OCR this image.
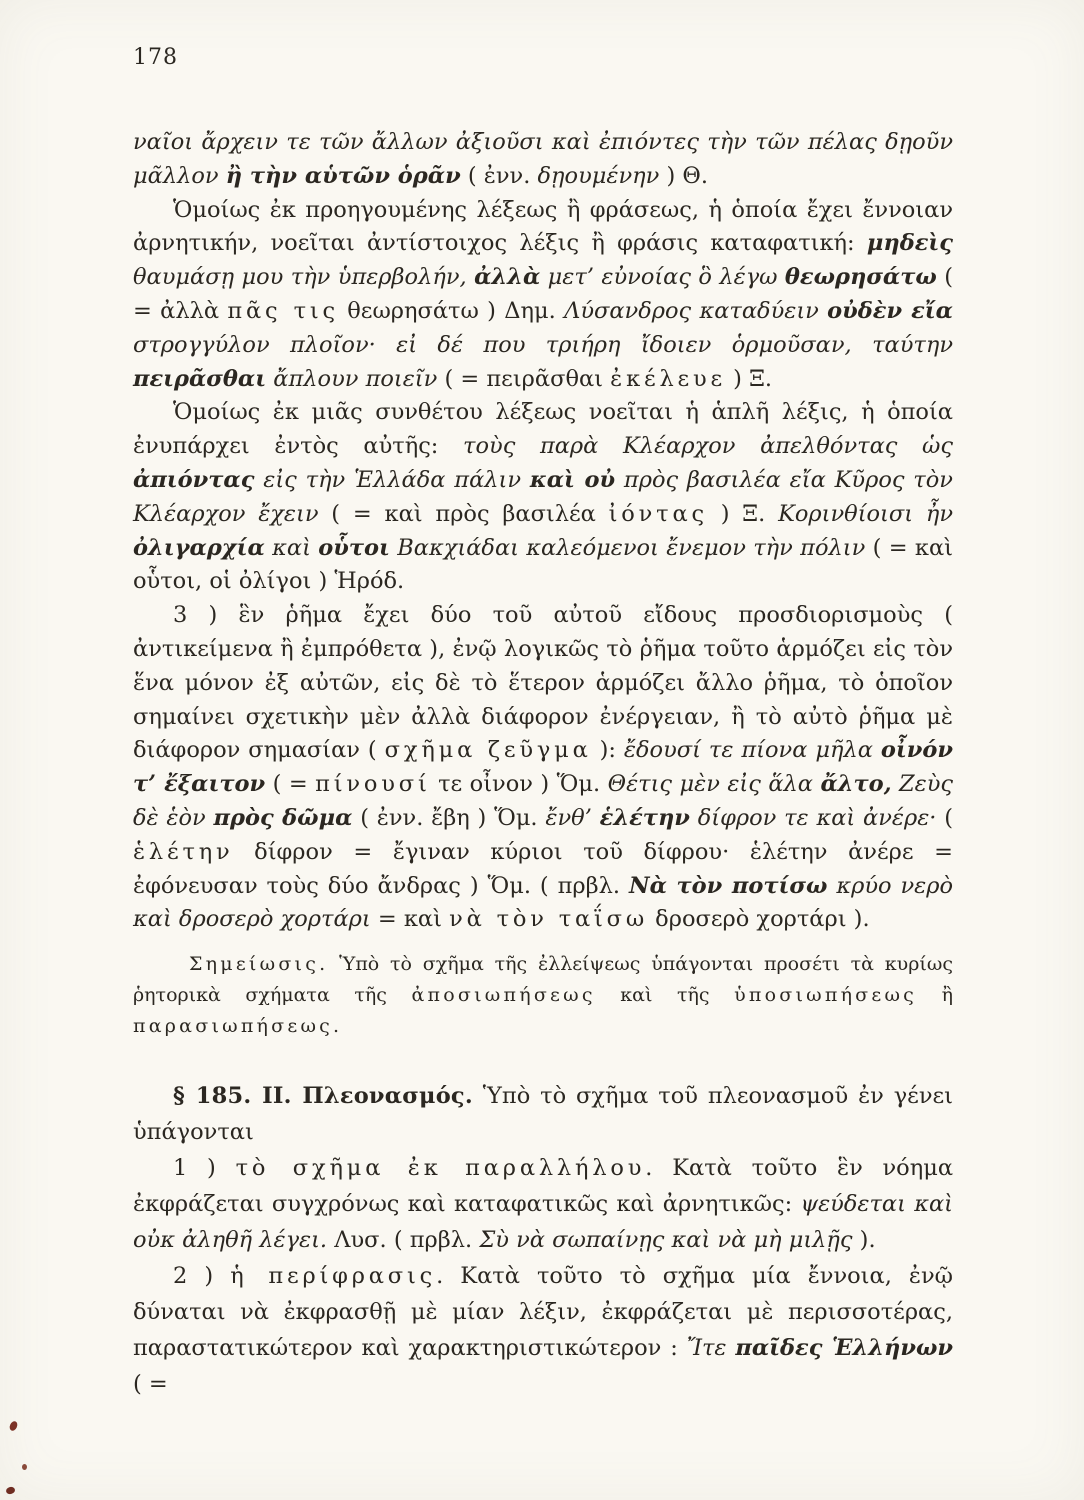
178

ναῖοι ἄρχειν τε τῶν ἄλλων ἀξιοῦσι καὶ ἐπιόντες τὴν τῶν πέλας δῃοῦν μᾶλλον ἢ τὴν αὑτῶν ὁρᾶν ( ἐνν. δῃουμένην ) Θ.

Ὁμοίως ἐκ προηγουμένης λέξεως ἢ φράσεως, ἡ ὁποία ἔχει ἔννοιαν ἀρνητικήν, νοεῖται ἀντίστοιχος λέξις ἢ φράσις καταφατική: μηδεὶς θαυμάσῃ μου τὴν ὑπερβολήν, ἀλλὰ μετ’ εὐνοίας ὃ λέγω θεωρησάτω ( = ἀλλὰ πᾶς τις θεωρησάτω ) Δημ. Λύσανδρος καταδύειν οὐδὲν εἴα στρογγύλον πλοῖον· εἰ δέ που τριήρη ἴδοιεν ὁρμοῦσαν, ταύτην πειρᾶσθαι ἄπλουν ποιεῖν ( = πειρᾶσθαι ἐκέλευε ) Ξ.

Ὁμοίως ἐκ μιᾶς συνθέτου λέξεως νοεῖται ἡ ἁπλῆ λέξις, ἡ ὁποία ἐνυπάρχει ἐντὸς αὐτῆς: τοὺς παρὰ Κλέαρχον ἀπελθόντας ὡς ἀπιόντας εἰς τὴν Ἑλλάδα πάλιν καὶ οὐ πρὸς βασιλέα εἴα Κῦρος τὸν Κλέαρχον ἔχειν ( = καὶ πρὸς βασιλέα ἰόντας ) Ξ. Κορινθίοισι ἦν ὀλιγαρχία καὶ οὗτοι Βακχιάδαι καλεόμενοι ἔνεμον τὴν πόλιν ( = καὶ οὗτοι, οἱ ὀλίγοι ) Ἡρόδ.

3 ) ἓν ῥῆμα ἔχει δύο τοῦ αὐτοῦ εἴδους προσδιορισμοὺς ( ἀντικείμενα ἢ ἐμπρόθετα ), ἐνῷ λογικῶς τὸ ῥῆμα τοῦτο ἁρμόζει εἰς τὸν ἕνα μόνον ἐξ αὐτῶν, εἰς δὲ τὸ ἕτερον ἁρμόζει ἄλλο ῥῆμα, τὸ ὁποῖον σημαίνει σχετικὴν μὲν ἀλλὰ διάφορον ἐνέργειαν, ἢ τὸ αὐτὸ ῥῆμα μὲ διάφορον σημασίαν ( σχῆμα ζεῦγμα ): ἔδουσί τε πίονα μῆλα οἶνόν τ’ ἔξαιτον ( = πίνουσί τε οἶνον ) Ὅμ. Θέτις μὲν εἰς ἅλα ἄλτο, Ζεὺς δὲ ἑὸν πρὸς δῶμα ( ἐνν. ἔβη ) Ὅμ. ἔνθ’ ἑλέτην δίφρον τε καὶ ἀνέρε· ( ἑλέτην δίφρον = ἔγιναν κύριοι τοῦ δίφρου· ἑλέτην ἀνέρε = ἐφόνευσαν τοὺς δύο ἄνδρας ) Ὅμ. ( πρβλ. Νὰ τὸν ποτίσω κρύο νερὸ καὶ δροσερὸ χορτάρι = καὶ νὰ τὸν ταΐσω δροσερὸ χορτάρι ).

Σημείωσις. Ὑπὸ τὸ σχῆμα τῆς ἐλλείψεως ὑπάγονται προσέτι τὰ κυρίως ῥητορικὰ σχήματα τῆς ἀποσιωπήσεως καὶ τῆς ὑποσιωπήσεως ἢ παρασιωπήσεως.

§ 185. II. Πλεονασμός. Ὑπὸ τὸ σχῆμα τοῦ πλεονασμοῦ ἐν γένει ὑπάγονται

1 ) τὸ σχῆμα ἐκ παραλλήλου. Κατὰ τοῦτο ἓν νόημα ἐκφράζεται συγχρόνως καὶ καταφατικῶς καὶ ἀρνητικῶς: ψεύδεται καὶ οὐκ ἀληθῆ λέγει. Λυσ. ( πρβλ. Σὺ νὰ σωπαίνῃς καὶ νὰ μὴ μιλῇς ).

2 ) ἡ περίφρασις. Κατὰ τοῦτο τὸ σχῆμα μία ἔννοια, ἐνῷ δύναται νὰ ἐκφρασθῇ μὲ μίαν λέξιν, ἐκφράζεται μὲ περισσοτέρας, παραστατικώτερον καὶ χαρακτηριστικώτερον : Ἴτε παῖδες Ἑλλήνων ( =
